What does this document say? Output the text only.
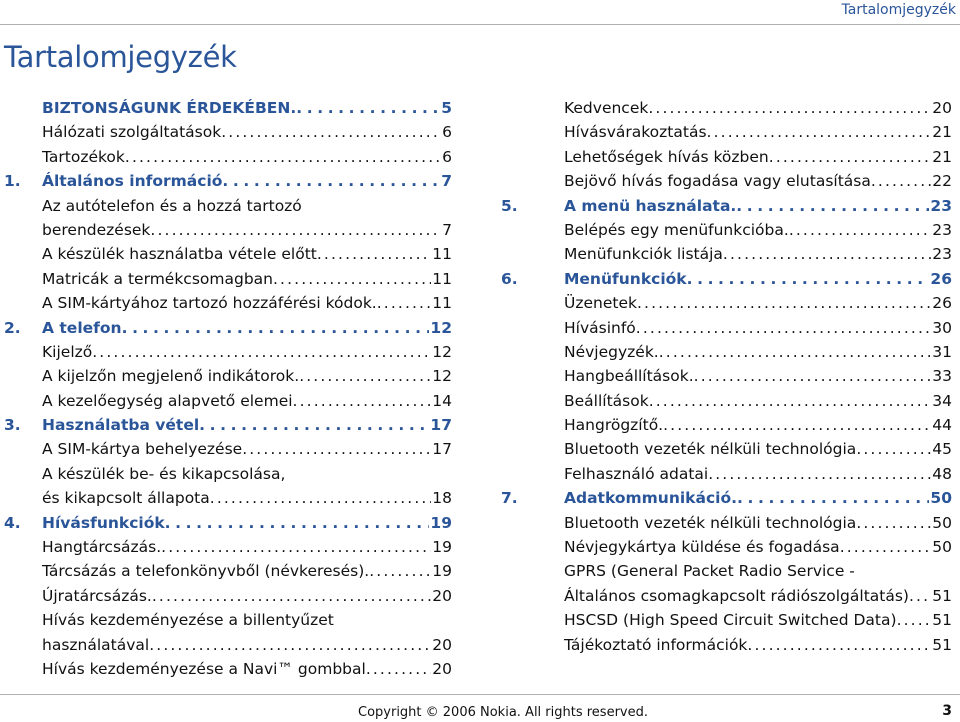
Tartalomjegyzék
Tartalomjegyzék
BIZTONSÁGUNK ÉRDEKÉBEN. . . .	5
Hálózati szolgáltatások . . .	6
Tartozékok . . .	6
1.	Általános információ . . .	7
Az autótelefon és a hozzá tartozó
berendezések . . .	7
A készülék használatba vétele előtt . . .	11
Matricák a termékcsomagban . . .	11
A SIM-kártyához tartozó hozzáférési kódok. . . .	11
2.	A telefon . . .	12
Kijelző . . .	12
A kijelzőn megjelenő indikátorok. . . .	12
A kezelőegység alapvető elemei . . .	14
3.	Használatba vétel . . .	17
A SIM-kártya behelyezése . . .	17
A készülék be- és kikapcsolása,
és kikapcsolt állapota . . .	18
4.	Hívásfunkciók . . .	19
Hangtárcsázás. . . .	19
Tárcsázás a telefonkönyvből (névkeresés). . . .	19
Újratárcsázás. . . .	20
Hívás kezdeményezése a billentyűzet
használatával . . .	20
Hívás kezdeményezése a Navi™ gombbal . . .	20
Kedvencek . . .	20
Hívásvárakoztatás . . .	21
Lehetőségek hívás közben . . .	21
Bejövő hívás fogadása vagy elutasítása . . .	22
5.	A menü használata. . . .	23
Belépés egy menüfunkcióba. . . .	23
Menüfunkciók listája . . .	23
6.	Menüfunkciók . . .	26
Üzenetek . . .	26
Hívásinfó . . .	30
Névjegyzék. . . .	31
Hangbeállítások. . . .	33
Beállítások . . .	34
Hangrögzítő. . . .	44
Bluetooth vezeték nélküli technológia . . .	45
Felhasználó adatai . . .	48
7.	Adatkommunikáció. . . .	50
Bluetooth vezeték nélküli technológia . . .	50
Névjegykártya küldése és fogadása . . .	50
GPRS (General Packet Radio Service -
Általános csomagkapcsolt rádiószolgáltatás) . . . 51
HSCSD (High Speed Circuit Switched Data) . . . 51
Tájékoztató információk . . .	51
Copyright © 2006 Nokia. All rights reserved.	3
